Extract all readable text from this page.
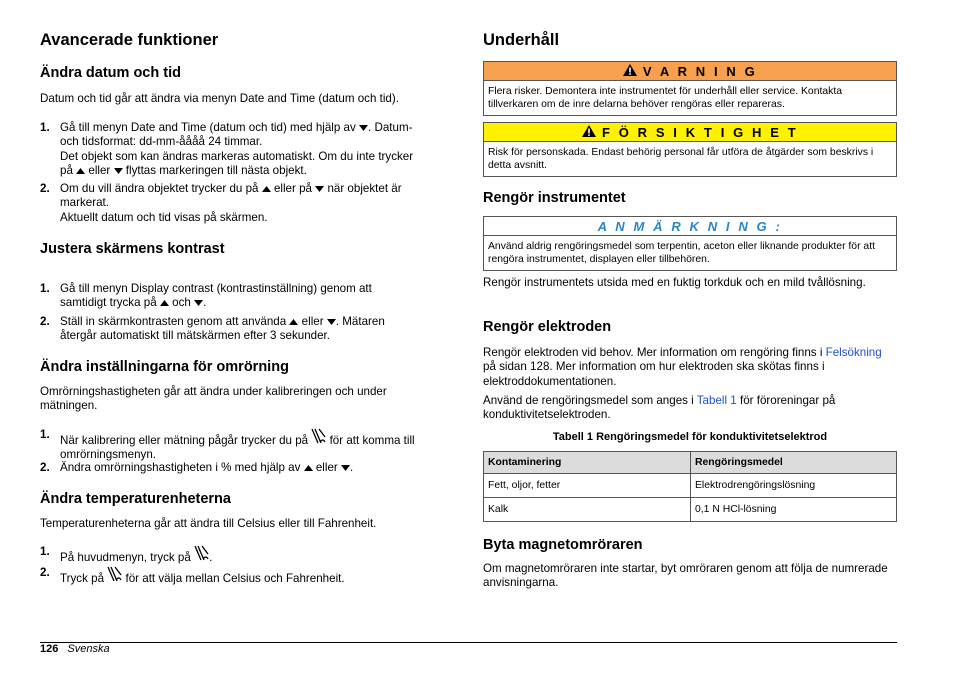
Avancerade funktioner
Ändra datum och tid

Datum och tid går att ändra via menyn Date and Time (datum och tid).

1. Gå till menyn Date and Time (datum och tid) med hjälp av . Datum-
och tidsformat: dd-mm-åååå 24 timmar.
Det objekt som kan ändras markeras automatiskt. Om du inte trycker
på eller flyttas markeringen till nästa objekt.
2. Om du vill ändra objektet trycker du på eller på när objektet är
markerat.
Aktuellt datum och tid visas på skärmen.
Justera skärmens kontrast
1. Gå till menyn Display contrast (kontrastinställning) genom att
samtidigt trycka på och .
2. Ställ in skärmkontrasten genom att använda eller . Mätaren
återgår automatiskt till mätskärmen efter 3 sekunder.
Ändra inställningarna för omrörning
Omrörningshastigheten går att ändra under kalibreringen och under
mätningen.
1. När kalibrering eller mätning pågår trycker du på för att komma till
omrörningsmenyn.
2. Ändra omrörningshastigheten i % med hjälp av eller .
Ändra temperaturenheterna

Temperaturenheterna går att ändra till Celsius eller till Fahrenheit.

1. På huvudmenyn, tryck på .
2. Tryck på för att välja mellan Celsius och Fahrenheit.
Underhåll
V A R N I N G
Flera risker. Demontera inte instrumentet för underhåll eller service. Kontakta tillverkaren om de inre delarna behöver rengöras eller repareras.
F Ö R S I K T I G H E T
Risk för personskada. Endast behörig personal får utföra de åtgärder som beskrivs i detta avsnitt.
Rengör instrumentet
A N M Ä R K N I N G :
Använd aldrig rengöringsmedel som terpentin, aceton eller liknande produkter för att rengöra instrumentet, displayen eller tillbehören.

Rengör instrumentets utsida med en fuktig torkduk och en mild tvållösning.

Rengör elektroden

Rengör elektroden vid behov. Mer information om rengöring finns i Felsökning på sidan 128. Mer information om hur elektroden ska skötas finns i elektroddokumentationen.

Använd de rengöringsmedel som anges i Tabell 1 för föroreningar på konduktivitetselektroden.

Tabell 1 Rengöringsmedel för konduktivitetselektrod
Kontaminering	Rengöringsmedel
Fett, oljor, fetter	Elektrodrengöringslösning
Kalk	0,1 N HCl-lösning
Byta magnetomröraren

Om magnetomröraren inte startar, byt omröraren genom att följa de numrerade anvisningarna.

126 Svenska
